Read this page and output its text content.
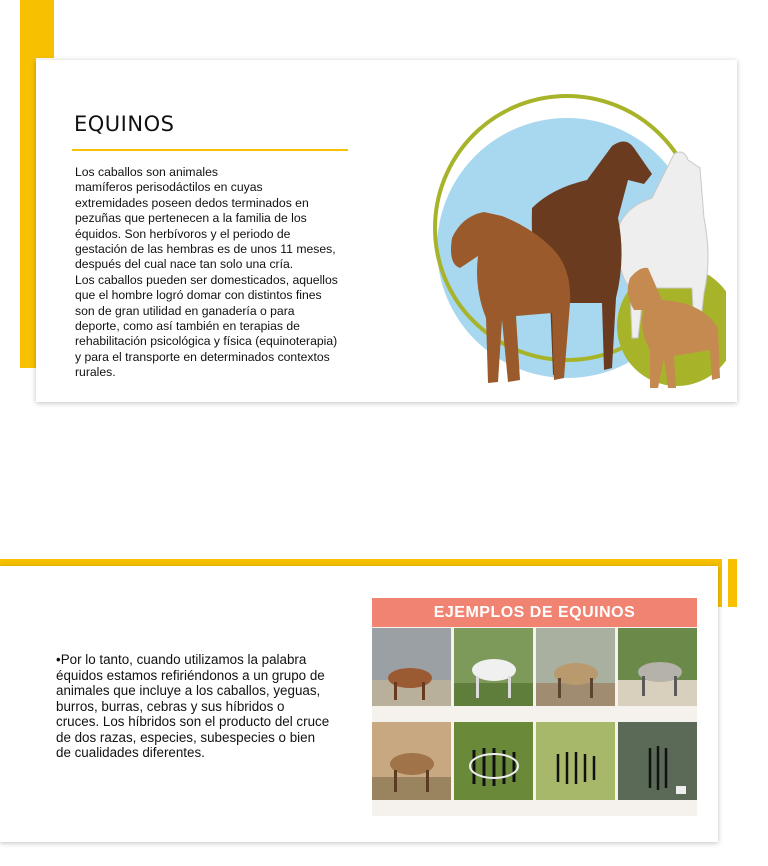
EQUINOS
Los caballos son animales
mamíferos perisodáctilos en cuyas
extremidades poseen dedos terminados en
pezuñas que pertenecen a la familia de los
équidos. Son herbívoros y el periodo de
gestación de las hembras es de unos 11 meses,
después del cual nace tan solo una cría.
Los caballos pueden ser domesticados, aquellos
que el hombre logró domar con distintos fines
son de gran utilidad en ganadería o para
deporte, como así también en terapias de
rehabilitación psicológica y física (equinoterapia)
y para el transporte en determinados contextos
rurales.
•Por lo tanto, cuando utilizamos la palabra équidos estamos refiriéndonos a un grupo de animales que incluye a los caballos, yeguas, burros, burras, cebras y sus híbridos o cruces. Los híbridos son el producto del cruce de dos razas, especies, subespecies o bien de cualidades diferentes.
EJEMPLOS DE EQUINOS
